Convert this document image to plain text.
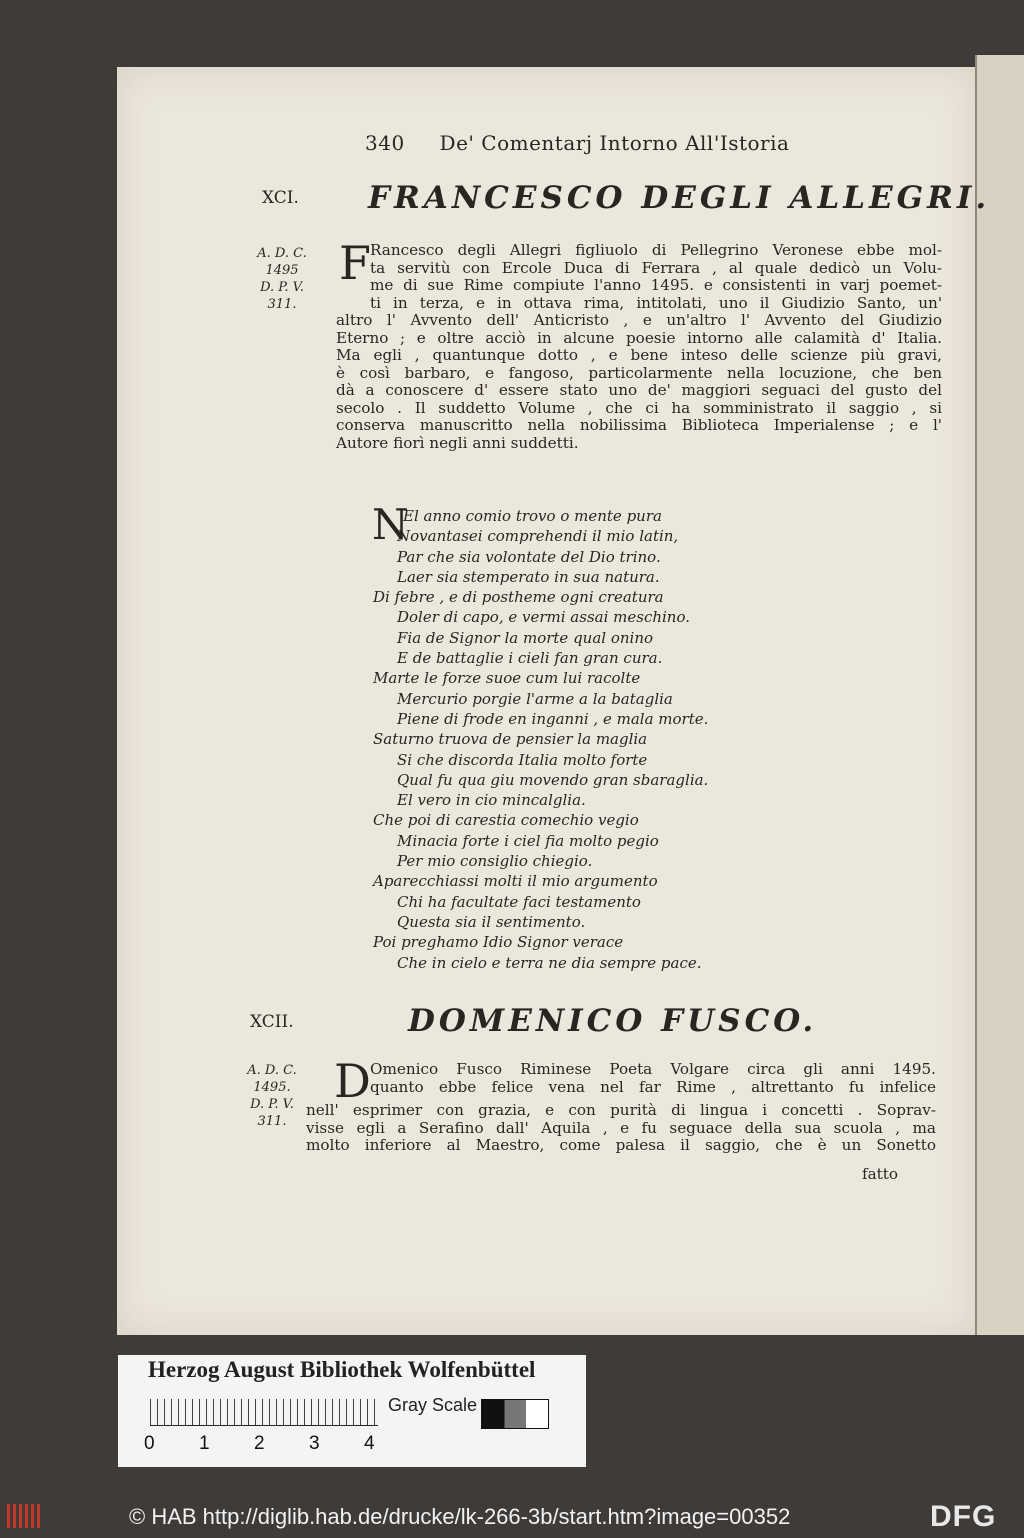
340 De' Comentarj Intorno All'Istoria
XCI. FRANCESCO DEGLI ALLEGRI.
A. D. C.
1495
D. P. V.
311.
F Rancesco degli Allegri figliuolo di Pellegrino Veronese ebbe mol-
ta servitù con Ercole Duca di Ferrara , al quale dedicò un Volu-
me di sue Rime compiute l'anno 1495. e consistenti in varj poemet-
ti in terza, e in ottava rima, intitolati, uno il Giudizio Santo, un'
altro l' Avvento dell' Anticristo , e un'altro l' Avvento del Giudizio
Eterno ; e oltre acciò in alcune poesie intorno alle calamità d' Italia.
Ma egli , quantunque dotto , e bene inteso delle scienze più gravi,
è così barbaro, e fangoso, particolarmente nella locuzione, che ben
dà a conoscere d' essere stato uno de' maggiori seguaci del gusto del
secolo . Il suddetto Volume , che ci ha somministrato il saggio , si
conserva manuscritto nella nobilissima Biblioteca Imperialense ; e l'
Autore fiorì negli anni suddetti.
N
El anno comio trovo o mente pura
Novantasei comprehendi il mio latin,
Par che sia volontate del Dio trino.
Laer sia stemperato in sua natura.
Di febre , e di posthemе ogni creatura
Doler di capo, e vermi assai meschino.
Fia de Signor la morte qual onino
E de battaglie i cieli fan gran cura.
Marte le forze suoe cum lui racolte
Mercurio porgie l'arme a la bataglia
Piene di frode en inganni , e mala morte.
Saturno truova de pensier la maglia
Si che discorda Italia molto forte
Qual fu qua giu movendo gran sbaraglia.
El vero in cio mincalglia.
Che poi di carestia comechio vegio
Minacia forte i ciel fia molto pegio
Per mio consiglio chiegio.
Aparecchiassi molti il mio argumento
Chi ha facultate faci testamento
Questa sia il sentimento.
Poi preghamo Idio Signor verace
Che in cielo e terra ne dia sempre pace.
XCII.	DOMENICO FUSCO.
A. D. C.
1495.
D. P. V.
311.
D Omenico Fusco Riminese Poeta Volgare circa gli anni 1495.
quanto ebbe felice vena nel far Rime , altrettanto fu infelice
nell' esprimer con grazia, e con purità di lingua i concetti . Soprav-
visse egli a Serafino dall' Aquila , e fu seguace della sua scuola , ma
molto inferiore al Maestro, come palesa il saggio, che è un Sonetto
fatto
Herzog August Bibliothek Wolfenbüttel
Gray Scale
0 1 2 3 4
© HAB http://diglib.hab.de/drucke/lk-266-3b/start.htm?image=00352	DFG
